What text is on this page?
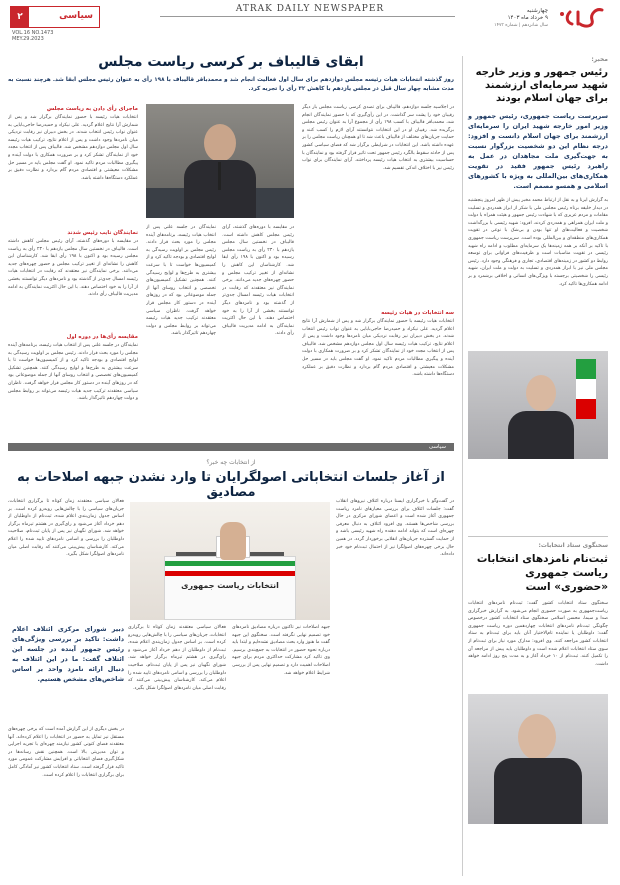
چهارشنبه
۹ خرداد ماه ۱۴۰۳
سال شانزدهم | شماره ۱۴۷۳
ATRAK DAILY NEWSPAPER
۲	سیاسی
VOL.16 NO.1473
MEY.29.2023
مخبر:
رئیس جمهور و وزیر خارجه شهید سرمایه‌ای ارزشمند برای جهان اسلام بودند
سرپرست ریاست جمهوری، رئیس جمهور و وزیر امور خارجه شهید ایران را سرمایه‌ای ارزشمند برای جهان اسلام دانست و افزود: درجه نظام این دو شخصیت بزرگوار نسبت به جهت‌گیری ملت مجاهدان در عمل به راهبرد رئیس جمهور فقید در تقویت همکاری‌های بین‌المللی به ویژه با کشورهای اسلامی و همسو مصمم است.
به گزارش ایرنا و به نقل از ارتباط محمد مخبر پیش از ظهر امروز پنجشنبه در دیدار خلیفه برناه رئیس مجلس ملی با شکر از ابراز همدردی و تسلیت مقامات و مردم عزیزی که با شهادت رئیس جمهور و هیئت همراه با دولت و ملت ایران همراهی و همدردی کردند، افزود: شهید رئیسی با بزرگداشت شخصیت و فعالیت‌های او تنها بودن و بی‌شک با نوعی در تقویت همکاری‌های منطقه‌ای و بین‌المللی بوده است. سرپرست ریاست جمهوری با تاکید بر آنکه بر همه زمینه‌ها یک سرمایه‌ای مطلوب و ادامه راه شهید رئیسی در تقویت مناسبات است و ظرفیت‌های فراوانی برای توسعه روابط دو کشور در زمینه‌های اقتصادی، تجاری و فرهنگی وجود دارد. رئیس مجلس ملی نیز با ابراز همدردی و تسلیت به دولت و ملت ایران، شهید رئیسی را شخصیتی برجسته با ویژگی‌های انسانی و اخلاقی برشمرد و بر ادامه همکاری‌ها تاکید کرد.
سخنگوی ستاد انتخابات:
ثبت‌نام نامزدهای انتخابات ریاست جمهوری «حضوری» است
سخنگوی ستاد انتخابات کشور گفت: ثبت‌نام نامزدهای انتخابات ریاست‌جمهوری به صورت حضوری انجام می‌شود. به گزارش خبرگزاری صدا و سیما، محسن اسلامی سخنگوی ستاد انتخابات کشور درخصوص چگونگی ثبت‌نام نامزدهای انتخابات چهاردهمین دوره ریاست جمهوری گفت: داوطلبان یا نماینده تام‌الاختیار آنان باید برای ثبت‌نام به ستاد انتخابات کشور مراجعه کنند. وی افزود: مدارک مورد نیاز برای ثبت‌نام از سوی ستاد انتخابات اعلام شده است و داوطلبان باید پیش از مراجعه آن را تکمیل کنند. ثبت‌نام از ۱۰ خرداد آغاز و به مدت پنج روز ادامه خواهد داشت.
ابقای قالیباف بر کرسی ریاست مجلس
روز گذشته انتخابات هیات رئیسه مجلس دوازدهم برای سال اول فعالیت انجام شد و محمدباقر قالیباف با ۱۹۸ رأی به عنوان رئیس مجلس ابقا شد. هرچند نسبت به مدت مشابه چهار سال قبل در مجلس یازدهم با کاهش ۳۲ رأی را تجربه کرد.
در اجلاسیه جلسه دوازدهم، قالیباف برای تصدی کرسی ریاست مجلس بار دیگر رقیبان خود را پشت سر گذاشت. در این رأی‌گیری که با حضور نمایندگان انجام شد، محمدباقر قالیباف با کسب ۱۹۸ رأی از مجموع آرا به عنوان رئیس مجلس برگزیده شد. رقیبان او در این انتخابات نتوانستند آرای لازم را کسب کنند و حمایت جریان‌های مختلف از قالیباف باعث شد تا او همچنان ریاست مجلس را بر عهده داشته باشد. این انتخابات در شرایطی برگزار شد که فضای سیاسی کشور پس از حادثه سقوط بالگرد رئیس جمهور تحت تاثیر قرار گرفته بود و نمایندگان با حساسیت بیشتری به انتخاب هیات رئیسه پرداختند. آرای نمایندگان برای نواب رئیس نیز با اختلاف اندکی تقسیم شد.
سه انتخابات در هیات رئیسه
انتخابات هیات رئیسه با حضور نمایندگان برگزار شد و پس از شمارش آرا نتایج اعلام گردید. علی نیکزاد و حمیدرضا حاجی‌بابایی به عنوان نواب رئیس انتخاب شدند. در بخش دبیران نیز رقابت نزدیکی میان نامزدها وجود داشت و پس از اعلام نتایج، ترکیب هیات رئیسه سال اول مجلس دوازدهم مشخص شد. قالیباف پس از انتخاب مجدد خود از نمایندگان تشکر کرد و بر ضرورت همکاری با دولت آینده و پیگیری مطالبات مردم تاکید نمود. او گفت مجلس باید در مسیر حل مشکلات معیشتی و اقتصادی مردم گام بردارد و نظارت دقیق بر عملکرد دستگاه‌ها داشته باشد.
در مقایسه با دوره‌های گذشته، آرای رئیس مجلس کاهش داشته است. قالیباف در نخستین سال مجلس یازدهم با ۲۳۰ رأی به ریاست مجلس رسیده بود و اکنون با ۱۹۸ رأی ابقا شد. کارشناسان این کاهش را نشانه‌ای از تغییر ترکیب مجلس و حضور چهره‌های جدید می‌دانند. برخی نمایندگان نیز معتقدند که رقابت در انتخابات هیات رئیسه امسال جدی‌تر از گذشته بود و نامزدهای دیگر توانستند بخشی از آرا را به خود اختصاص دهند. با این حال اکثریت نمایندگان به ادامه مدیریت قالیباف رأی دادند.
نمایندگان در جلسه علنی پس از انتخاب هیات رئیسه، برنامه‌های آینده مجلس را مورد بحث قرار دادند. رئیس مجلس بر اولویت رسیدگی به لوایح اقتصادی و بودجه تاکید کرد و از کمیسیون‌ها خواست تا با سرعت بیشتری به طرح‌ها و لوایح رسیدگی کنند. همچنین تشکیل کمیسیون‌های تخصصی و انتخاب روسای آنها از جمله موضوعاتی بود که در روزهای آینده در دستور کار مجلس قرار خواهد گرفت. ناظران سیاسی معتقدند ترکیب جدید هیات رئیسه می‌تواند بر روابط مجلس و دولت چهاردهم تاثیرگذار باشد.
ماجرای رأی دادن به ریاست مجلس
انتخابات هیات رئیسه با حضور نمایندگان برگزار شد و پس از شمارش آرا نتایج اعلام گردید. علی نیکزاد و حمیدرضا حاجی‌بابایی به عنوان نواب رئیس انتخاب شدند. در بخش دبیران نیز رقابت نزدیکی میان نامزدها وجود داشت و پس از اعلام نتایج، ترکیب هیات رئیسه سال اول مجلس دوازدهم مشخص شد. قالیباف پس از انتخاب مجدد خود از نمایندگان تشکر کرد و بر ضرورت همکاری با دولت آینده و پیگیری مطالبات مردم تاکید نمود. او گفت مجلس باید در مسیر حل مشکلات معیشتی و اقتصادی مردم گام بردارد و نظارت دقیق بر عملکرد دستگاه‌ها داشته باشد.
نمایندگان نایب رئیس شدند
در مقایسه با دوره‌های گذشته، آرای رئیس مجلس کاهش داشته است. قالیباف در نخستین سال مجلس یازدهم با ۲۳۰ رأی به ریاست مجلس رسیده بود و اکنون با ۱۹۸ رأی ابقا شد. کارشناسان این کاهش را نشانه‌ای از تغییر ترکیب مجلس و حضور چهره‌های جدید می‌دانند. برخی نمایندگان نیز معتقدند که رقابت در انتخابات هیات رئیسه امسال جدی‌تر از گذشته بود و نامزدهای دیگر توانستند بخشی از آرا را به خود اختصاص دهند. با این حال اکثریت نمایندگان به ادامه مدیریت قالیباف رأی دادند.
مقایسه رأی‌ها در دوره اول
نمایندگان در جلسه علنی پس از انتخاب هیات رئیسه، برنامه‌های آینده مجلس را مورد بحث قرار دادند. رئیس مجلس بر اولویت رسیدگی به لوایح اقتصادی و بودجه تاکید کرد و از کمیسیون‌ها خواست تا با سرعت بیشتری به طرح‌ها و لوایح رسیدگی کنند. همچنین تشکیل کمیسیون‌های تخصصی و انتخاب روسای آنها از جمله موضوعاتی بود که در روزهای آینده در دستور کار مجلس قرار خواهد گرفت. ناظران سیاسی معتقدند ترکیب جدید هیات رئیسه می‌تواند بر روابط مجلس و دولت چهاردهم تاثیرگذار باشد.
سیاسی
از انتخابات چه خبر؟
از آغاز جلسات انتخاباتی اصولگرایان تا وارد نشدن جبهه اصلاحات به مصادیق
در گفت‌وگو با خبرگزاری ایسنا درباره ائتلاف نیروهای انقلاب گفت: جلسات ائتلاف برای بررسی معیارهای نامزد ریاست جمهوری آغاز شده است و اعضای شورای مرکزی در حال بررسی شاخص‌ها هستند. وی افزود ائتلاف به دنبال معرفی چهره‌ای است که بتواند ادامه دهنده راه شهید رئیسی باشد و از حمایت گسترده جریان‌های انقلابی برخوردار گردد. در همین حال برخی چهره‌های اصولگرا نیز از احتمال ثبت‌نام خود خبر داده‌اند.
انتخابات ریاست جمهوری
دبیر شورای مرکزی ائتلاف اعلام داشت: تاکید بر بررسی ویژگی‌های رئیس جمهور آینده در جلسه این ائتلاف گفت: ما در این ائتلاف به دنبال ارائه نامزد واحد بر اساس شاخص‌های مشخص هستیم.
جبهه اصلاحات نیز تاکنون درباره مصادیق نامزدهای خود تصمیم نهایی نگرفته است. سخنگوی این جبهه گفت ما هنوز وارد بحث مصادیق نشده‌ایم و ابتدا باید درباره نحوه حضور در انتخابات به جمع‌بندی برسیم. وی تاکید کرد مشارکت حداکثری مردم برای جبهه اصلاحات اهمیت دارد و تصمیم نهایی پس از بررسی شرایط اعلام خواهد شد.
فعالان سیاسی معتقدند زمان کوتاه تا برگزاری انتخابات، جریان‌های سیاسی را با چالش‌هایی روبه‌رو کرده است. بر اساس جدول زمان‌بندی اعلام شده، ثبت‌نام از داوطلبان از دهم خرداد آغاز می‌شود و رای‌گیری در هشتم تیرماه برگزار خواهد شد. شورای نگهبان نیز پس از پایان ثبت‌نام، صلاحیت داوطلبان را بررسی و اسامی نامزدهای تایید شده را اعلام می‌کند. کارشناسان پیش‌بینی می‌کنند که رقابت اصلی میان نامزدهای اصولگرا شکل بگیرد.
در بخش دیگری از این گزارش آمده است که برخی چهره‌های مستقل نیز تمایل به حضور در انتخابات را اعلام کرده‌اند. آنها معتقدند فضای کنونی کشور نیازمند چهره‌ای با تجربه اجرایی و توان مدیریتی بالا است. همچنین نقش رسانه‌ها در شکل‌گیری فضای انتخاباتی و افزایش مشارکت عمومی مورد تاکید قرار گرفته است. ستاد انتخابات کشور نیز آمادگی کامل برای برگزاری انتخابات را اعلام کرده است.
فعالان سیاسی معتقدند زمان کوتاه تا برگزاری انتخابات، جریان‌های سیاسی را با چالش‌هایی روبه‌رو کرده است. بر اساس جدول زمان‌بندی اعلام شده، ثبت‌نام از داوطلبان از دهم خرداد آغاز می‌شود و رای‌گیری در هشتم تیرماه برگزار خواهد شد. شورای نگهبان نیز پس از پایان ثبت‌نام، صلاحیت داوطلبان را بررسی و اسامی نامزدهای تایید شده را اعلام می‌کند. کارشناسان پیش‌بینی می‌کنند که رقابت اصلی میان نامزدهای اصولگرا شکل بگیرد.
